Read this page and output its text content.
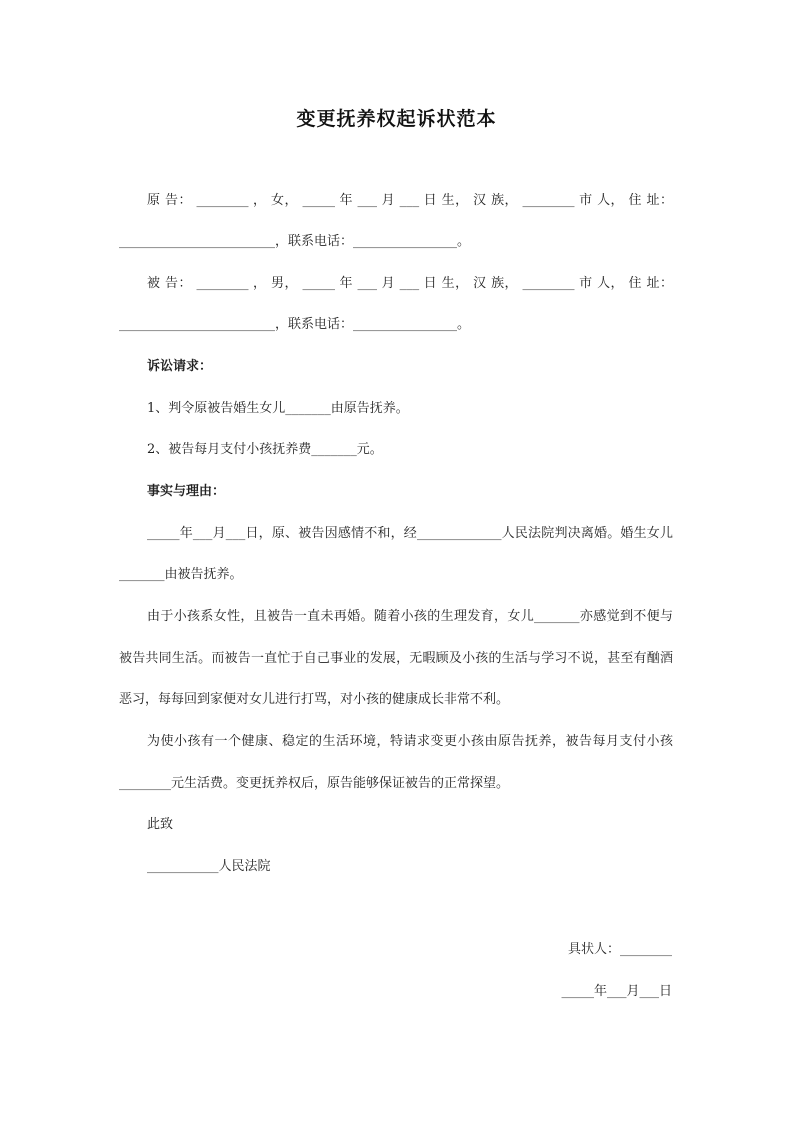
变更抚养权起诉状范本
原 告： ________ ， 女， _____ 年 ___ 月 ___ 日 生， 汉 族， ________ 市 人， 住 址：
________________________，联系电话：________________。
被 告： ________ ， 男， _____ 年 ___ 月 ___ 日 生， 汉 族， ________ 市 人， 住 址：
________________________，联系电话：________________。
诉讼请求：
1、判令原被告婚生女儿_______由原告抚养。
2、被告每月支付小孩抚养费_______元。
事实与理由：
_____年___月___日，原、被告因感情不和，经_____________人民法院判决离婚。婚生女儿
_______由被告抚养。
由于小孩系女性，且被告一直未再婚。随着小孩的生理发育，女儿_______亦感觉到不便与
被告共同生活。而被告一直忙于自己事业的发展，无暇顾及小孩的生活与学习不说，甚至有酗酒
恶习，每每回到家便对女儿进行打骂，对小孩的健康成长非常不利。
为使小孩有一个健康、稳定的生活环境，特请求变更小孩由原告抚养，被告每月支付小孩
________元生活费。变更抚养权后，原告能够保证被告的正常探望。
此致
___________人民法院
具状人：________
_____年___月___日
